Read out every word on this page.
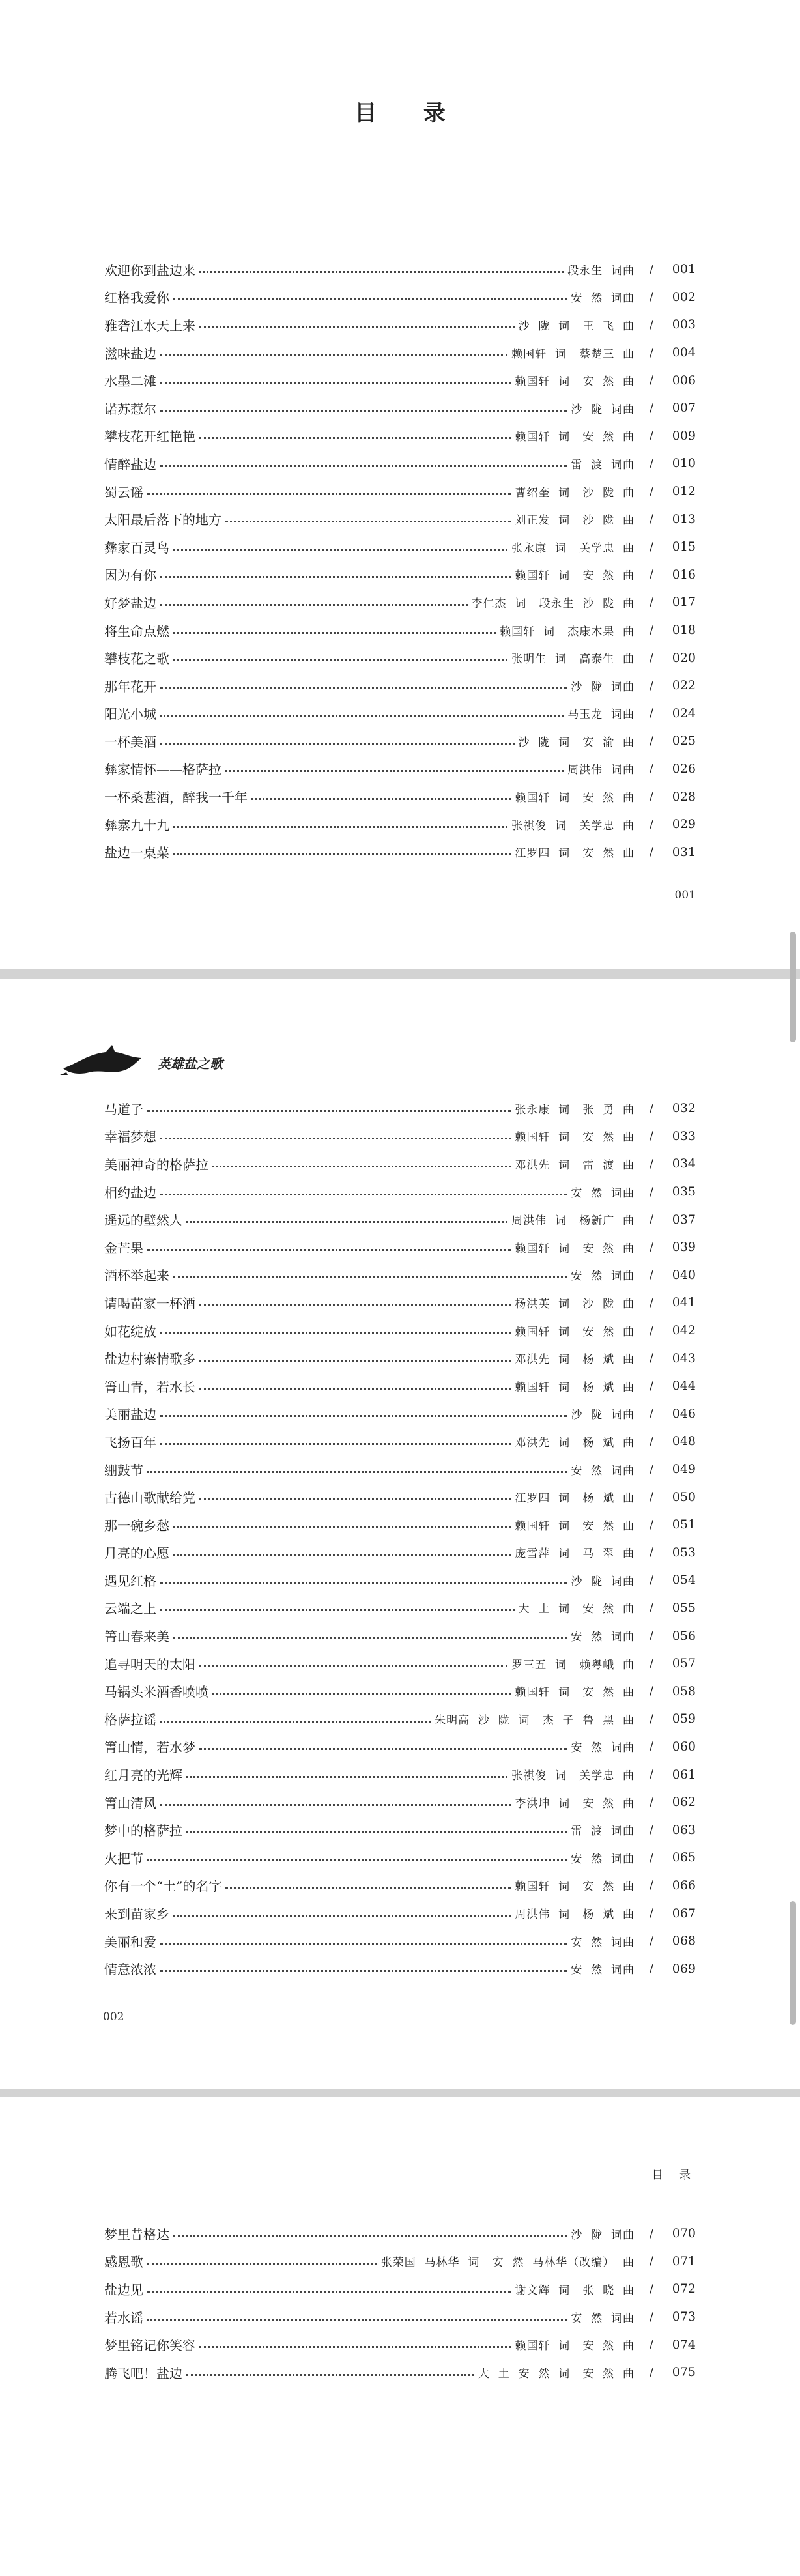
目 录
欢迎你到盐边来	段永生  词曲	/	001
红格我爱你	安  然  词曲	/	002
雅砻江水天上来	沙  陇  词   王  飞  曲	/	003
滋味盐边	赖国轩  词   蔡楚三  曲	/	004
水墨二滩	赖国轩  词   安  然  曲	/	006
诺苏惹尔	沙  陇  词曲	/	007
攀枝花开红艳艳	赖国轩  词   安  然  曲	/	009
情醉盐边	雷  渡  词曲	/	010
蜀云谣	曹绍奎  词   沙  陇  曲	/	012
太阳最后落下的地方	刘正发  词   沙  陇  曲	/	013
彝家百灵鸟	张永康  词   关学忠  曲	/	015
因为有你	赖国轩  词   安  然  曲	/	016
好梦盐边	李仁杰  词   段永生  沙  陇  曲	/	017
将生命点燃	赖国轩  词   杰康木果  曲	/	018
攀枝花之歌	张明生  词   高泰生  曲	/	020
那年花开	沙  陇  词曲	/	022
阳光小城	马玉龙  词曲	/	024
一杯美酒	沙  陇  词   安  渝  曲	/	025
彝家情怀——格萨拉	周洪伟  词曲	/	026
一杯桑葚酒，醉我一千年	赖国轩  词   安  然  曲	/	028
彝寨九十九	张祺俊  词   关学忠  曲	/	029
盐边一桌菜	江罗四  词   安  然  曲	/	031
001
英雄盐之歌
马道子	张永康  词   张  勇  曲	/	032
幸福梦想	赖国轩  词   安  然  曲	/	033
美丽神奇的格萨拉	邓洪先  词   雷  渡  曲	/	034
相约盐边	安  然  词曲	/	035
遥远的壁然人	周洪伟  词   杨新广  曲	/	037
金芒果	赖国轩  词   安  然  曲	/	039
酒杯举起来	安  然  词曲	/	040
请喝苗家一杯酒	杨洪英  词   沙  陇  曲	/	041
如花绽放	赖国轩  词   安  然  曲	/	042
盐边村寨情歌多	邓洪先  词   杨  斌  曲	/	043
箐山青，若水长	赖国轩  词   杨  斌  曲	/	044
美丽盐边	沙  陇  词曲	/	046
飞扬百年	邓洪先  词   杨  斌  曲	/	048
绷鼓节	安  然  词曲	/	049
古德山歌献给党	江罗四  词   杨  斌  曲	/	050
那一碗乡愁	赖国轩  词   安  然  曲	/	051
月亮的心愿	庞雪萍  词   马  翠  曲	/	053
遇见红格	沙  陇  词曲	/	054
云端之上	大  土  词   安  然  曲	/	055
箐山春来美	安  然  词曲	/	056
追寻明天的太阳	罗三五  词   赖粤峨  曲	/	057
马锅头米酒香喷喷	赖国轩  词   安  然  曲	/	058
格萨拉谣	朱明高  沙  陇  词   杰  子  鲁  黑  曲	/	059
箐山情，若水梦	安  然  词曲	/	060
红月亮的光辉	张祺俊  词   关学忠  曲	/	061
箐山清风	李洪坤  词   安  然  曲	/	062
梦中的格萨拉	雷  渡  词曲	/	063
火把节	安  然  词曲	/	065
你有一个“土”的名字	赖国轩  词   安  然  曲	/	066
来到苗家乡	周洪伟  词   杨  斌  曲	/	067
美丽和爱	安  然  词曲	/	068
情意浓浓	安  然  词曲	/	069
002
目 录
梦里昔格达	沙  陇  词曲	/	070
感恩歌	张荣国  马林华  词   安  然  马林华（改编）  曲	/	071
盐边见	谢文辉  词   张  晓  曲	/	072
若水谣	安  然  词曲	/	073
梦里铭记你笑容	赖国轩  词   安  然  曲	/	074
腾飞吧！盐边	大  土  安  然  词   安  然  曲	/	075
